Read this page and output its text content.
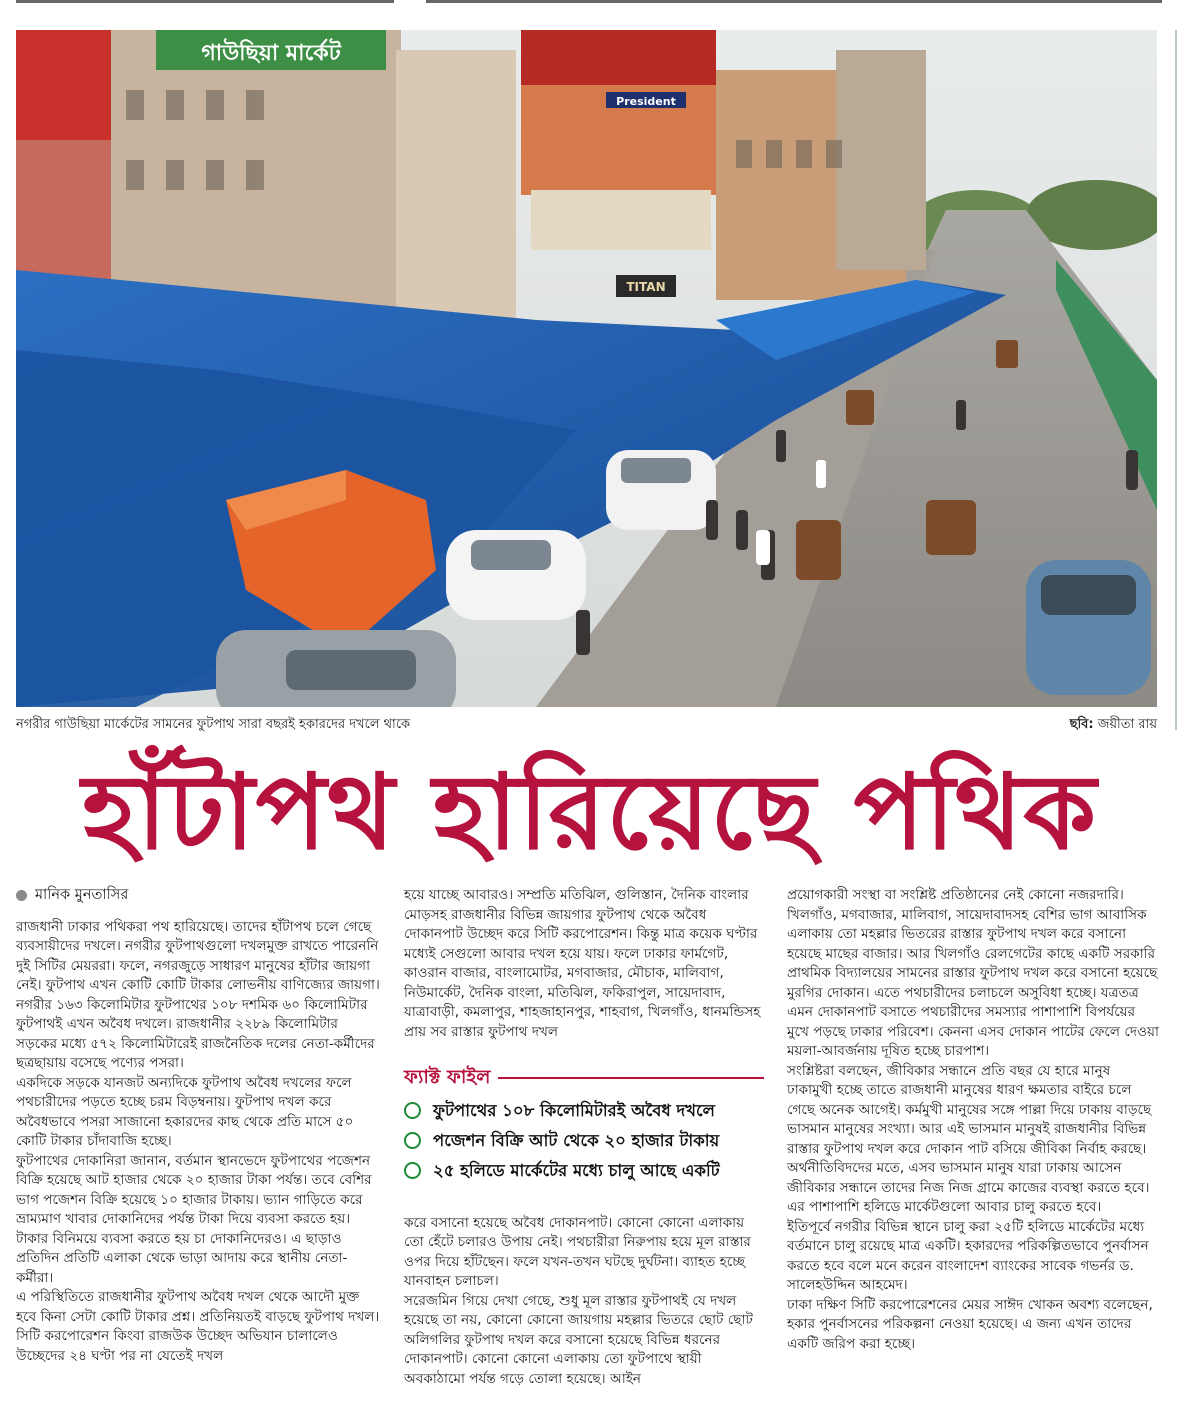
গাউছিয়া মার্কেট
President
TITAN
নগরীর গাউছিয়া মার্কেটের সামনের ফুটপাথ সারা বছরই হকারদের দখলে থাকে	ছবি: জয়ীতা রায়
হাঁটাপথ হারিয়েছে পথিক
মানিক মুনতাসির

রাজধানী ঢাকার পথিকরা পথ হারিয়েছে। তাদের হাঁটাপথ চলে গেছে ব্যবসায়ীদের দখলে। নগরীর ফুটপাথগুলো দখলমুক্ত রাখতে পারেননি দুই সিটির মেয়ররা। ফলে, নগরজুড়ে সাধারণ মানুষের হাঁটার জায়গা নেই। ফুটপাথ এখন কোটি কোটি টাকার লোভনীয় বাণিজ্যের জায়গা।

নগরীর ১৬৩ কিলোমিটার ফুটপাথের ১০৮ দশমিক ৬০ কিলোমিটার ফুটপাথই এখন অবৈধ দখলে। রাজধানীর ২২৮৯ কিলোমিটার সড়কের মধ্যে ৫৭২ কিলোমিটারেই রাজনৈতিক দলের নেতা-কর্মীদের ছত্রছায়ায় বসেছে পণ্যের পসরা।

একদিকে সড়কে যানজট অন্যদিকে ফুটপাথ অবৈধ দখলের ফলে পথচারীদের পড়তে হচ্ছে চরম বিড়ম্বনায়। ফুটপাথ দখল করে অবৈধভাবে পসরা সাজানো হকারদের কাছ থেকে প্রতি মাসে ৫০ কোটি টাকার চাঁদাবাজি হচ্ছে।

ফুটপাথের দোকানিরা জানান, বর্তমান স্থানভেদে ফুটপাথের পজেশন বিক্রি হয়েছে আট হাজার থেকে ২০ হাজার টাকা পর্যন্ত। তবে বেশির ভাগ পজেশন বিক্রি হয়েছে ১০ হাজার টাকায়। ভ্যান গাড়িতে করে ভ্রাম্যমাণ খাবার দোকানিদের পর্যন্ত টাকা দিয়ে ব্যবসা করতে হয়। টাকার বিনিময়ে ব্যবসা করতে হয় চা দোকানিদেরও। এ ছাড়াও প্রতিদিন প্রতিটি এলাকা থেকে ভাড়া আদায় করে স্থানীয় নেতা-কর্মীরা।

এ পরিস্থিতিতে রাজধানীর ফুটপাথ অবৈধ দখল থেকে আদৌ মুক্ত হবে কিনা সেটা কোটি টাকার প্রশ্ন। প্রতিনিয়তই বাড়ছে ফুটপাথ দখল। সিটি করপোরেশন কিংবা রাজউক উচ্ছেদ অভিযান চালালেও উচ্ছেদের ২৪ ঘণ্টা পর না যেতেই দখল

হয়ে যাচ্ছে আবারও। সম্প্রতি মতিঝিল, গুলিস্তান, দৈনিক বাংলার মোড়সহ রাজধানীর বিভিন্ন জায়গার ফুটপাথ থেকে অবৈধ দোকানপাট উচ্ছেদ করে সিটি করপোরেশন। কিন্তু মাত্র কয়েক ঘণ্টার মধ্যেই সেগুলো আবার দখল হয়ে যায়। ফলে ঢাকার ফার্মগেট, কাওরান বাজার, বাংলামোটর, মগবাজার, মৌচাক, মালিবাগ, নিউমার্কেট, দৈনিক বাংলা, মতিঝিল, ফকিরাপুল, সায়েদাবাদ, যাত্রাবাড়ী, কমলাপুর, শাহজাহানপুর, শাহবাগ, খিলগাঁও, ধানমন্ডিসহ প্রায় সব রাস্তার ফুটপাথ দখল

ফ্যাক্ট ফাইল
ফুটপাথের ১০৮ কিলোমিটারই অবৈধ দখলে
পজেশন বিক্রি আট থেকে ২০ হাজার টাকায়
২৫ হলিডে মার্কেটের মধ্যে চালু আছে একটি

করে বসানো হয়েছে অবৈধ দোকানপাট। কোনো কোনো এলাকায় তো হেঁটে চলারও উপায় নেই। পথচারীরা নিরুপায় হয়ে মূল রাস্তার ওপর দিয়ে হাঁটছেন। ফলে যখন-তখন ঘটছে দুর্ঘটনা। ব্যাহত হচ্ছে যানবাহন চলাচল।

সরেজমিন গিয়ে দেখা গেছে, শুধু মূল রাস্তার ফুটপাথই যে দখল হয়েছে তা নয়, কোনো কোনো জায়গায় মহল্লার ভিতরে ছোট ছোট অলিগলির ফুটপাথ দখল করে বসানো হয়েছে বিভিন্ন ধরনের দোকানপাট। কোনো কোনো এলাকায় তো ফুটপাথে স্থায়ী অবকাঠামো পর্যন্ত গড়ে তোলা হয়েছে। আইন

প্রয়োগকারী সংস্থা বা সংশ্লিষ্ট প্রতিষ্ঠানের নেই কোনো নজরদারি। খিলগাঁও, মগবাজার, মালিবাগ, সায়েদাবাদসহ বেশির ভাগ আবাসিক এলাকায় তো মহল্লার ভিতরের রাস্তার ফুটপাথ দখল করে বসানো হয়েছে মাছের বাজার। আর খিলগাঁও রেলগেটের কাছে একটি সরকারি প্রাথমিক বিদ্যালয়ের সামনের রাস্তার ফুটপাথ দখল করে বসানো হয়েছে মুরগির দোকান। এতে পথচারীদের চলাচলে অসুবিধা হচ্ছে। যত্রতত্র এমন দোকানপাট বসাতে পথচারীদের সমস্যার পাশাপাশি বিপর্যয়ের মুখে পড়ছে ঢাকার পরিবেশ। কেননা এসব দোকান পাটের ফেলে দেওয়া ময়লা-আবর্জনায় দূষিত হচ্ছে চারপাশ।

সংশ্লিষ্টরা বলছেন, জীবিকার সন্ধানে প্রতি বছর যে হারে মানুষ ঢাকামুখী হচ্ছে তাতে রাজধানী মানুষের ধারণ ক্ষমতার বাইরে চলে গেছে অনেক আগেই। কর্মমুখী মানুষের সঙ্গে পাল্লা দিয়ে ঢাকায় বাড়ছে ভাসমান মানুষের সংখ্যা। আর এই ভাসমান মানুষই রাজধানীর বিভিন্ন রাস্তার ফুটপাথ দখল করে দোকান পাট বসিয়ে জীবিকা নির্বাহ করছে। অর্থনীতিবিদদের মতে, এসব ভাসমান মানুষ যারা ঢাকায় আসেন জীবিকার সন্ধানে তাদের নিজ নিজ গ্রামে কাজের ব্যবস্থা করতে হবে। এর পাশাপাশি হলিডে মার্কেটগুলো আবার চালু করতে হবে।

ইতিপূর্বে নগরীর বিভিন্ন স্থানে চালু করা ২৫টি হলিডে মার্কেটের মধ্যে বর্তমানে চালু রয়েছে মাত্র একটি। হকারদের পরিকল্পিতভাবে পুনর্বাসন করতে হবে বলে মনে করেন বাংলাদেশ ব্যাংকের সাবেক গভর্নর ড. সালেহউদ্দিন আহমেদ।

ঢাকা দক্ষিণ সিটি করপোরেশনের মেয়র সাঈদ খোকন অবশ্য বলেছেন, হকার পুনর্বাসনের পরিকল্পনা নেওয়া হয়েছে। এ জন্য এখন তাদের একটি জরিপ করা হচ্ছে।
